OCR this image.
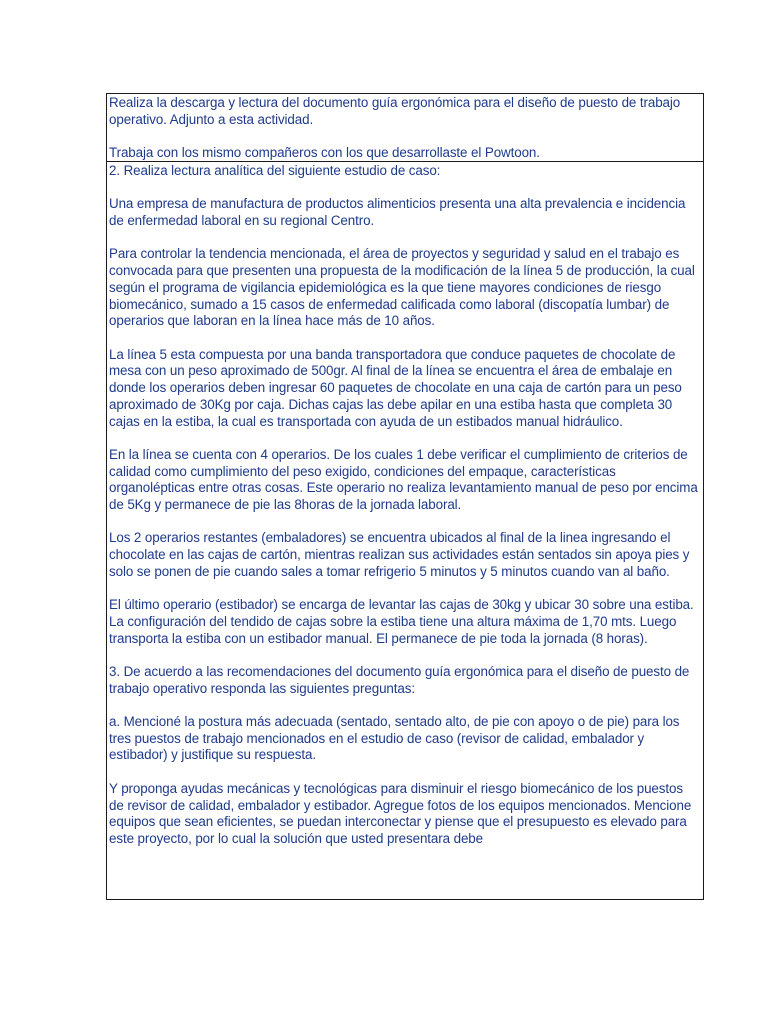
Realiza la descarga y lectura del documento guía ergonómica para el diseño de puesto de trabajo operativo. Adjunto a esta actividad.

Trabaja con los mismo compañeros con los que desarrollaste el Powtoon.

2. Realiza lectura analítica del siguiente estudio de caso:

Una empresa de manufactura de productos alimenticios presenta una alta prevalencia e incidencia de enfermedad laboral en su regional Centro.

Para controlar la tendencia mencionada, el área de proyectos y seguridad y salud en el trabajo es convocada para que presenten una propuesta de la modificación de la línea 5 de producción, la cual según el programa de vigilancia epidemiológica es la que tiene mayores condiciones de riesgo biomecánico, sumado a 15 casos de enfermedad calificada como laboral (discopatía lumbar) de operarios que laboran en la línea hace más de 10 años.

La línea 5 esta compuesta por una banda transportadora que conduce paquetes de chocolate de mesa con un peso aproximado de 500gr. Al final de la línea se encuentra el área de embalaje en donde los operarios deben ingresar 60 paquetes de chocolate en una caja de cartón para un peso aproximado de 30Kg por caja. Dichas cajas las debe apilar en una estiba hasta que completa 30 cajas en la estiba, la cual es transportada con ayuda de un estibados manual hidráulico.

En la línea se cuenta con 4 operarios. De los cuales 1 debe verificar el cumplimiento de criterios de calidad como cumplimiento del peso exigido, condiciones del empaque, características organolépticas entre otras cosas. Este operario no realiza levantamiento manual de peso por encima de 5Kg y permanece de pie las 8horas de la jornada laboral.

Los 2 operarios restantes (embaladores) se encuentra ubicados al final de la linea ingresando el chocolate en las cajas de cartón, mientras realizan sus actividades están sentados sin apoya pies y solo se ponen de pie cuando sales a tomar refrigerio 5 minutos y 5 minutos cuando van al baño.

El último operario (estibador) se encarga de levantar las cajas de 30kg y ubicar 30 sobre una estiba. La configuración del tendido de cajas sobre la estiba tiene una altura máxima de 1,70 mts. Luego transporta la estiba con un estibador manual. El permanece de pie toda la jornada (8 horas).

3. De acuerdo a las recomendaciones del documento guía ergonómica para el diseño de puesto de trabajo operativo responda las siguientes preguntas:

a. Mencioné la postura más adecuada (sentado, sentado alto, de pie con apoyo o de pie) para los tres puestos de trabajo mencionados en el estudio de caso (revisor de calidad, embalador y estibador) y justifique su respuesta.

Y proponga ayudas mecánicas y tecnológicas para disminuir el riesgo biomecánico de los puestos de revisor de calidad, embalador y estibador. Agregue fotos de los equipos mencionados. Mencione equipos que sean eficientes, se puedan interconectar y piense que el presupuesto es elevado para este proyecto, por lo cual la solución que usted presentara debe
